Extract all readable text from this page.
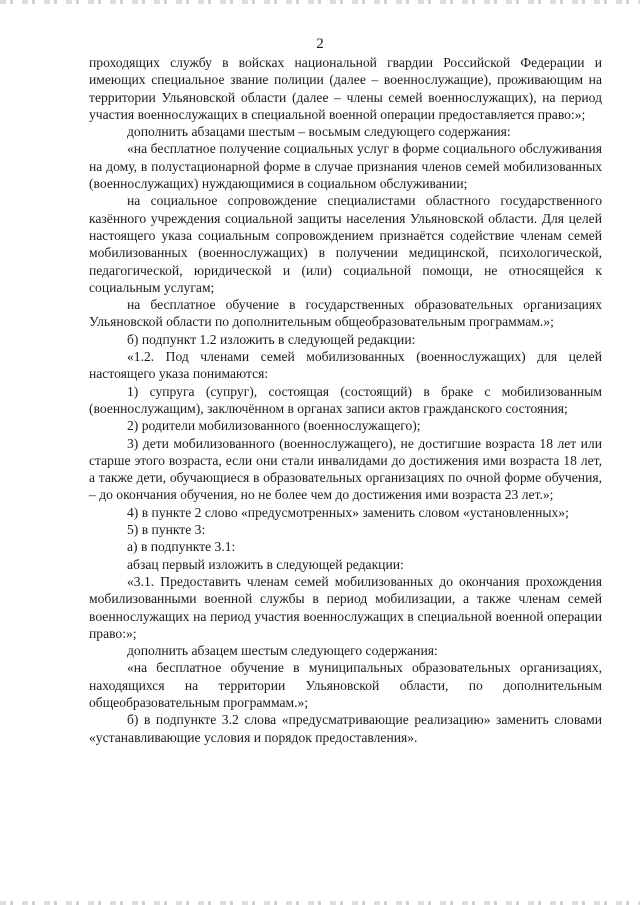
2

проходящих службу в войсках национальной гвардии Российской Федерации и имеющих специальное звание полиции (далее – военнослужащие), проживающим на территории Ульяновской области (далее – члены семей военнослужащих), на период участия военнослужащих в специальной военной операции предоставляется право:»;

дополнить абзацами шестым – восьмым следующего содержания:

«на бесплатное получение социальных услуг в форме социального обслуживания на дому, в полустационарной форме в случае признания членов семей мобилизованных (военнослужащих) нуждающимися в социальном обслуживании;

на социальное сопровождение специалистами областного государственного казённого учреждения социальной защиты населения Ульяновской области. Для целей настоящего указа социальным сопровождением признаётся содействие членам семей мобилизованных (военнослужащих) в получении медицинской, психологической, педагогической, юридической и (или) социальной помощи, не относящейся к социальным услугам;

на бесплатное обучение в государственных образовательных организациях Ульяновской области по дополнительным общеобразовательным программам.»;

б) подпункт 1.2 изложить в следующей редакции:

«1.2. Под членами семей мобилизованных (военнослужащих) для целей настоящего указа понимаются:

1) супруга (супруг), состоящая (состоящий) в браке с мобилизованным (военнослужащим), заключённом в органах записи актов гражданского состояния;

2) родители мобилизованного (военнослужащего);

3) дети мобилизованного (военнослужащего), не достигшие возраста 18 лет или старше этого возраста, если они стали инвалидами до достижения ими возраста 18 лет, а также дети, обучающиеся в образовательных организациях по очной форме обучения, – до окончания обучения, но не более чем до достижения ими возраста 23 лет.»;

4) в пункте 2 слово «предусмотренных» заменить словом «установленных»;

5) в пункте 3:

а) в подпункте 3.1:

абзац первый изложить в следующей редакции:

«3.1. Предоставить членам семей мобилизованных до окончания прохождения мобилизованными военной службы в период мобилизации, а также членам семей военнослужащих на период участия военнослужащих в специальной военной операции право:»;

дополнить абзацем шестым следующего содержания:

«на бесплатное обучение в муниципальных образовательных организациях, находящихся на территории Ульяновской области, по дополнительным общеобразовательным программам.»;

б) в подпункте 3.2 слова «предусматривающие реализацию» заменить словами «устанавливающие условия и порядок предоставления».
